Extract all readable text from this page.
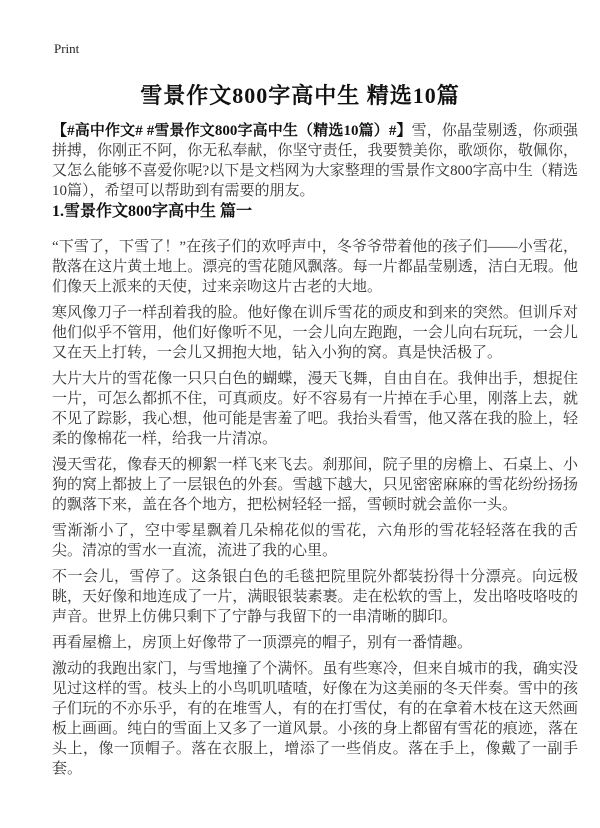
Print
雪景作文800字高中生 精选10篇

【#高中作文# #雪景作文800字高中生（精选10篇）#】雪，你晶莹剔透，你顽强拼搏，你刚正不阿，你无私奉献，你坚守责任，我要赞美你，歌颂你，敬佩你，又怎么能够不喜爱你呢?以下是文档网为大家整理的雪景作文800字高中生（精选10篇），希望可以帮助到有需要的朋友。

1.雪景作文800字高中生 篇一

“下雪了，下雪了！”在孩子们的欢呼声中，冬爷爷带着他的孩子们——小雪花，散落在这片黄土地上。漂亮的雪花随风飘落。每一片都晶莹剔透，洁白无瑕。他们像天上派来的天使，过来亲吻这片古老的大地。

寒风像刀子一样刮着我的脸。他好像在训斥雪花的顽皮和到来的突然。但训斥对他们似乎不管用，他们好像听不见，一会儿向左跑跑，一会儿向右玩玩，一会儿又在天上打转，一会儿又拥抱大地，钻入小狗的窝。真是快活极了。

大片大片的雪花像一只只白色的蝴蝶，漫天飞舞，自由自在。我伸出手，想捉住一片，可怎么都抓不住，可真顽皮。好不容易有一片掉在手心里，刚落上去，就不见了踪影，我心想，他可能是害羞了吧。我抬头看雪，他又落在我的脸上，轻柔的像棉花一样，给我一片清凉。

漫天雪花，像春天的柳絮一样飞来飞去。刹那间，院子里的房檐上、石桌上、小狗的窝上都披上了一层银色的外套。雪越下越大，只见密密麻麻的雪花纷纷扬扬的飘落下来，盖在各个地方，把松树轻轻一摇，雪顿时就会盖你一头。

雪渐渐小了，空中零星飘着几朵棉花似的雪花，六角形的雪花轻轻落在我的舌尖。清凉的雪水一直流，流进了我的心里。

不一会儿，雪停了。这条银白色的毛毯把院里院外都装扮得十分漂亮。向远极眺，天好像和地连成了一片，满眼银装素裹。走在松软的雪上，发出咯吱咯吱的声音。世界上仿佛只剩下了宁静与我留下的一串清晰的脚印。

再看屋檐上，房顶上好像带了一顶漂亮的帽子，别有一番情趣。

激动的我跑出家门，与雪地撞了个满怀。虽有些寒冷，但来自城市的我，确实没见过这样的雪。枝头上的小鸟叽叽喳喳，好像在为这美丽的冬天伴奏。雪中的孩子们玩的不亦乐乎，有的在堆雪人，有的在打雪仗，有的在拿着木枝在这天然画板上画画。纯白的雪面上又多了一道风景。小孩的身上都留有雪花的痕迹，落在头上，像一顶帽子。落在衣服上，增添了一些俏皮。落在手上，像戴了一副手套。
